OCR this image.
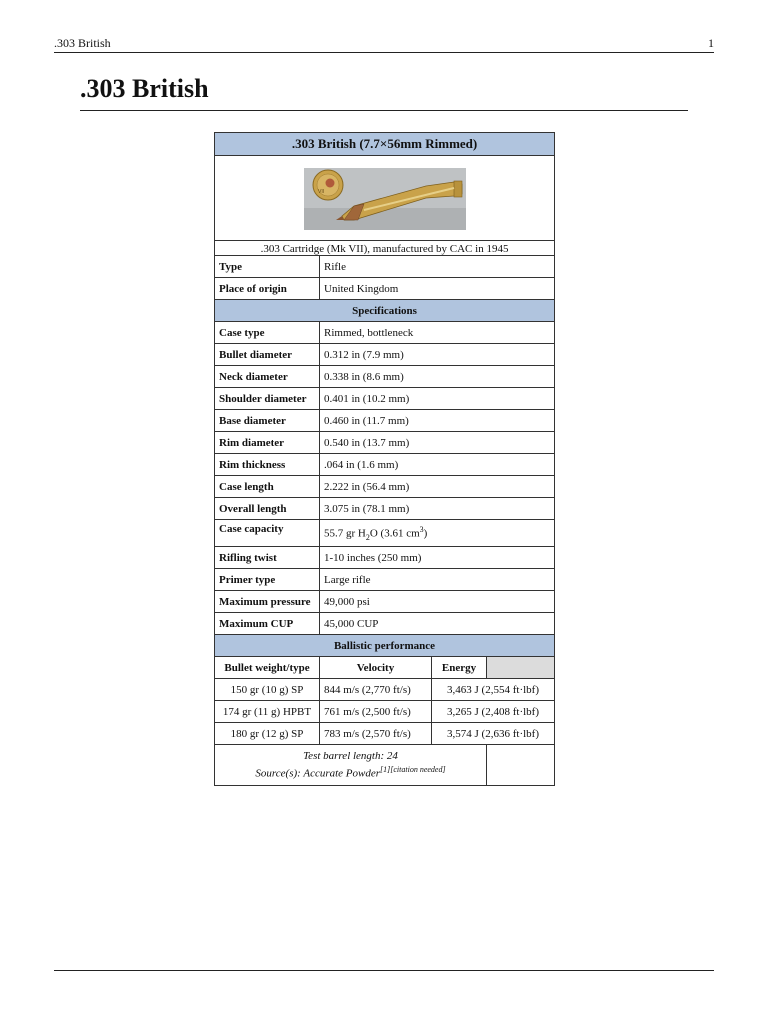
.303 British	1
.303 British
.303 British (7.7×56mm Rimmed)			

VII			

.303 Cartridge (Mk VII), manufactured by CAC in 1945			
Type	Rifle		
Place of origin	United Kingdom		
Specifications			
Case type	Rimmed, bottleneck		
Bullet diameter	0.312 in (7.9 mm)		
Neck diameter	0.338 in (8.6 mm)		
Shoulder diameter	0.401 in (10.2 mm)		
Base diameter	0.460 in (11.7 mm)		
Rim diameter	0.540 in (13.7 mm)		
Rim thickness	.064 in (1.6 mm)		
Case length	2.222 in (56.4 mm)		
Overall length	3.075 in (78.1 mm)		
Case capacity	55.7 gr $H_2O$ (3.61 $cm^3$)		
Rifling twist	1-10 inches (250 mm)		
Primer type	Large rifle		
Maximum pressure	49,000 psi		
Maximum CUP	45,000 CUP		
Ballistic performance			
Bullet weight/type	Velocity	Energy	
150 gr (10 g) SP	844 m/s (2,770 ft/s)	3,463 J (2,554 ft·lbf)	
174 gr (11 g) HPBT	761 m/s (2,500 ft/s)	3,265 J (2,408 ft·lbf)	
180 gr (12 g) SP	783 m/s (2,570 ft/s)	3,574 J (2,636 ft·lbf)	

Test barrel length: 24
Source(s): Accurate Powder[1][citation needed]
